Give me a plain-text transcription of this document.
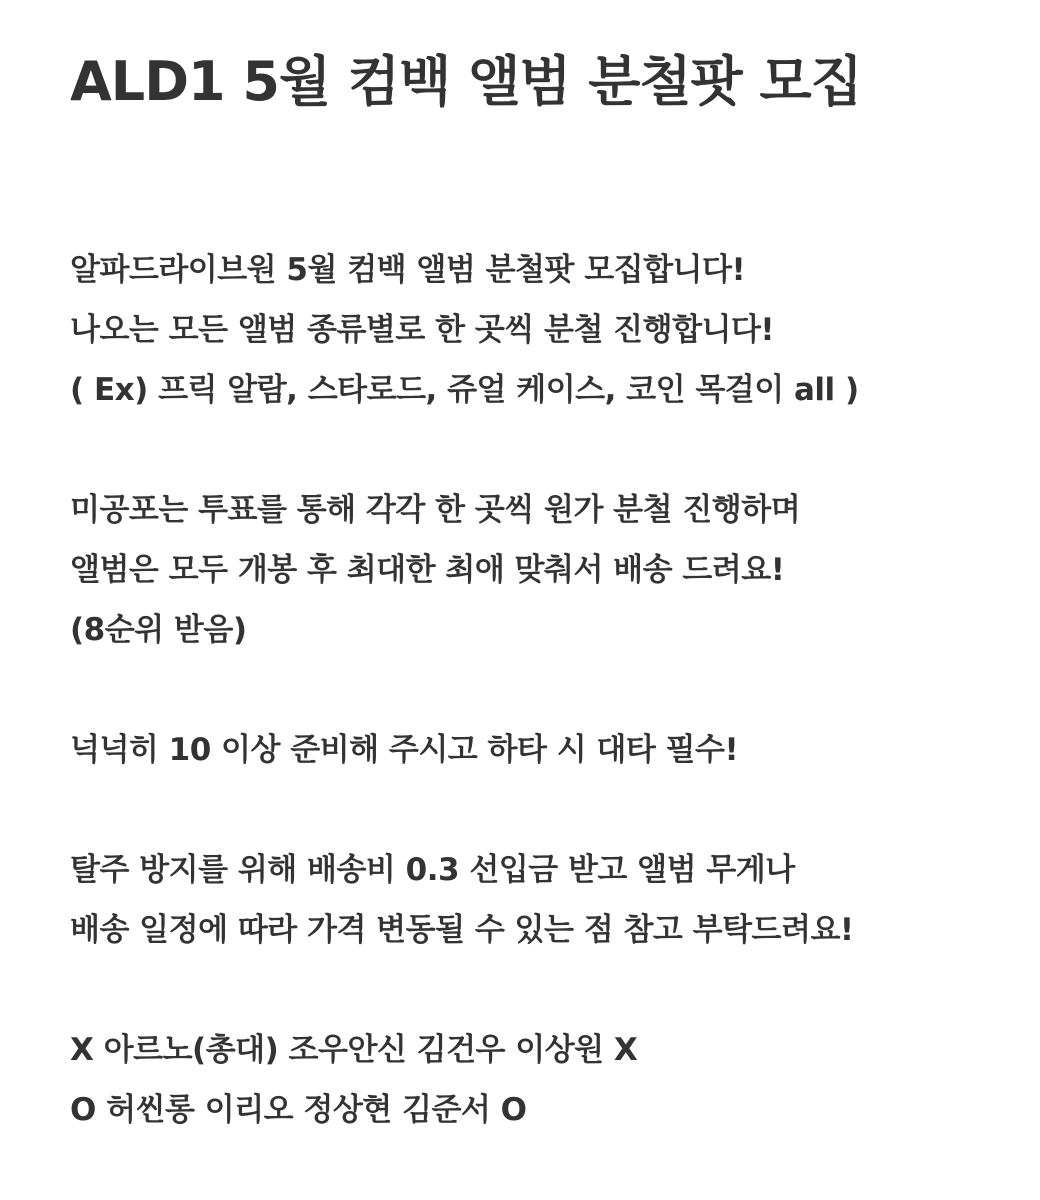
ALD1 5월 컴백 앨범 분철팟 모집
알파드라이브원 5월 컴백 앨범 분철팟 모집합니다!
나오는 모든 앨범 종류별로 한 곳씩 분철 진행합니다!
( Ex) 프릭 알람, 스타로드, 쥬얼 케이스, 코인 목걸이 all )
미공포는 투표를 통해 각각 한 곳씩 원가 분철 진행하며
앨범은 모두 개봉 후 최대한 최애 맞춰서 배송 드려요!
(8순위 받음)
넉넉히 10 이상 준비해 주시고 하타 시 대타 필수!
탈주 방지를 위해 배송비 0.3 선입금 받고 앨범 무게나
배송 일정에 따라 가격 변동될 수 있는 점 참고 부탁드려요!
X 아르노(총대) 조우안신 김건우 이상원 X
O 허씬롱 이리오 정상현 김준서 O
